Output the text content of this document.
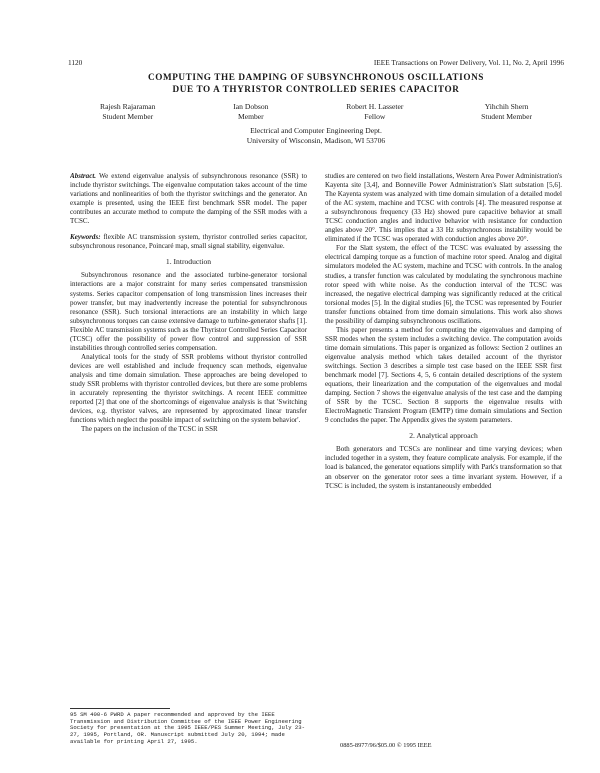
1120	IEEE Transactions on Power Delivery, Vol. 11, No. 2, April 1996
COMPUTING THE DAMPING OF SUBSYNCHRONOUS OSCILLATIONS
DUE TO A THYRISTOR CONTROLLED SERIES CAPACITOR
Rajesh Rajaraman
Student Member
Ian Dobson
Member
Robert H. Lasseter
Fellow
Yihchih Shern
Student Member
Electrical and Computer Engineering Dept.
University of Wisconsin, Madison, WI 53706

Abstract. We extend eigenvalue analysis of subsynchronous resonance (SSR) to include thyristor switchings. The eigenvalue computation takes account of the time variations and nonlinearities of both the thyristor switchings and the generator. An example is presented, using the IEEE first benchmark SSR model. The paper contributes an accurate method to compute the damping of the SSR modes with a TCSC.

Keywords: flexible AC transmission system, thyristor controlled series capacitor, subsynchronous resonance, Poincaré map, small signal stability, eigenvalue.

1. Introduction

Subsynchronous resonance and the associated turbine-generator torsional interactions are a major constraint for many series compensated transmission systems. Series capacitor compensation of long transmission lines increases their power transfer, but may inadvertently increase the potential for subsynchronous resonance (SSR). Such torsional interactions are an instability in which large subsynchronous torques can cause extensive damage to turbine-generator shafts [1]. Flexible AC transmission systems such as the Thyristor Controlled Series Capacitor (TCSC) offer the possibility of power flow control and suppression of SSR instabilities through controlled series compensation.

Analytical tools for the study of SSR problems without thyristor controlled devices are well established and include frequency scan methods, eigenvalue analysis and time domain simulation. These approaches are being developed to study SSR problems with thyristor controlled devices, but there are some problems in accurately representing the thyristor switchings. A recent IEEE committee reported [2] that one of the shortcomings of eigenvalue analysis is that 'Switching devices, e.g. thyristor valves, are represented by approximated linear transfer functions which neglect the possible impact of switching on the system behavior'.

The papers on the inclusion of the TCSC in SSR

studies are centered on two field installations, Western Area Power Administration's Kayenta site [3,4], and Bonneville Power Administration's Slatt substation [5,6]. The Kayenta system was analyzed with time domain simulation of a detailed model of the AC system, machine and TCSC with controls [4]. The measured response at a subsynchronous frequency (33 Hz) showed pure capacitive behavior at small TCSC conduction angles and inductive behavior with resistance for conduction angles above 20°. This implies that a 33 Hz subsynchronous instability would be eliminated if the TCSC was operated with conduction angles above 20°.

For the Slatt system, the effect of the TCSC was evaluated by assessing the electrical damping torque as a function of machine rotor speed. Analog and digital simulators modeled the AC system, machine and TCSC with controls. In the analog studies, a transfer function was calculated by modulating the synchronous machine rotor speed with white noise. As the conduction interval of the TCSC was increased, the negative electrical damping was significantly reduced at the critical torsional modes [5]. In the digital studies [6], the TCSC was represented by Fourier transfer functions obtained from time domain simulations. This work also shows the possibility of damping subsynchronous oscillations.

This paper presents a method for computing the eigenvalues and damping of SSR modes when the system includes a switching device. The computation avoids time domain simulations. This paper is organized as follows: Section 2 outlines an eigenvalue analysis method which takes detailed account of the thyristor switchings. Section 3 describes a simple test case based on the IEEE SSR first benchmark model [7]. Sections 4, 5, 6 contain detailed descriptions of the system equations, their linearization and the computation of the eigenvalues and modal damping. Section 7 shows the eigenvalue analysis of the test case and the damping of SSR by the TCSC. Section 8 supports the eigenvalue results with ElectroMagnetic Transient Program (EMTP) time domain simulations and Section 9 concludes the paper. The Appendix gives the system parameters.

2. Analytical approach

Both generators and TCSCs are nonlinear and time varying devices; when included together in a system, they feature complicate analysis. For example, if the load is balanced, the generator equations simplify with Park's transformation so that an observer on the generator rotor sees a time invariant system. However, if a TCSC is included, the system is instantaneously embedded

95 SM 400-6 PWRD A paper recommended and approved by the IEEE Transmission and Distribution Committee of the IEEE Power Engineering Society for presentation at the 1995 IEEE/PES Summer Meeting, July 23-27, 1995, Portland, OR. Manuscript submitted July 20, 1994; made available for printing April 27, 1995.
0885-8977/96/$05.00 © 1995 IEEE
